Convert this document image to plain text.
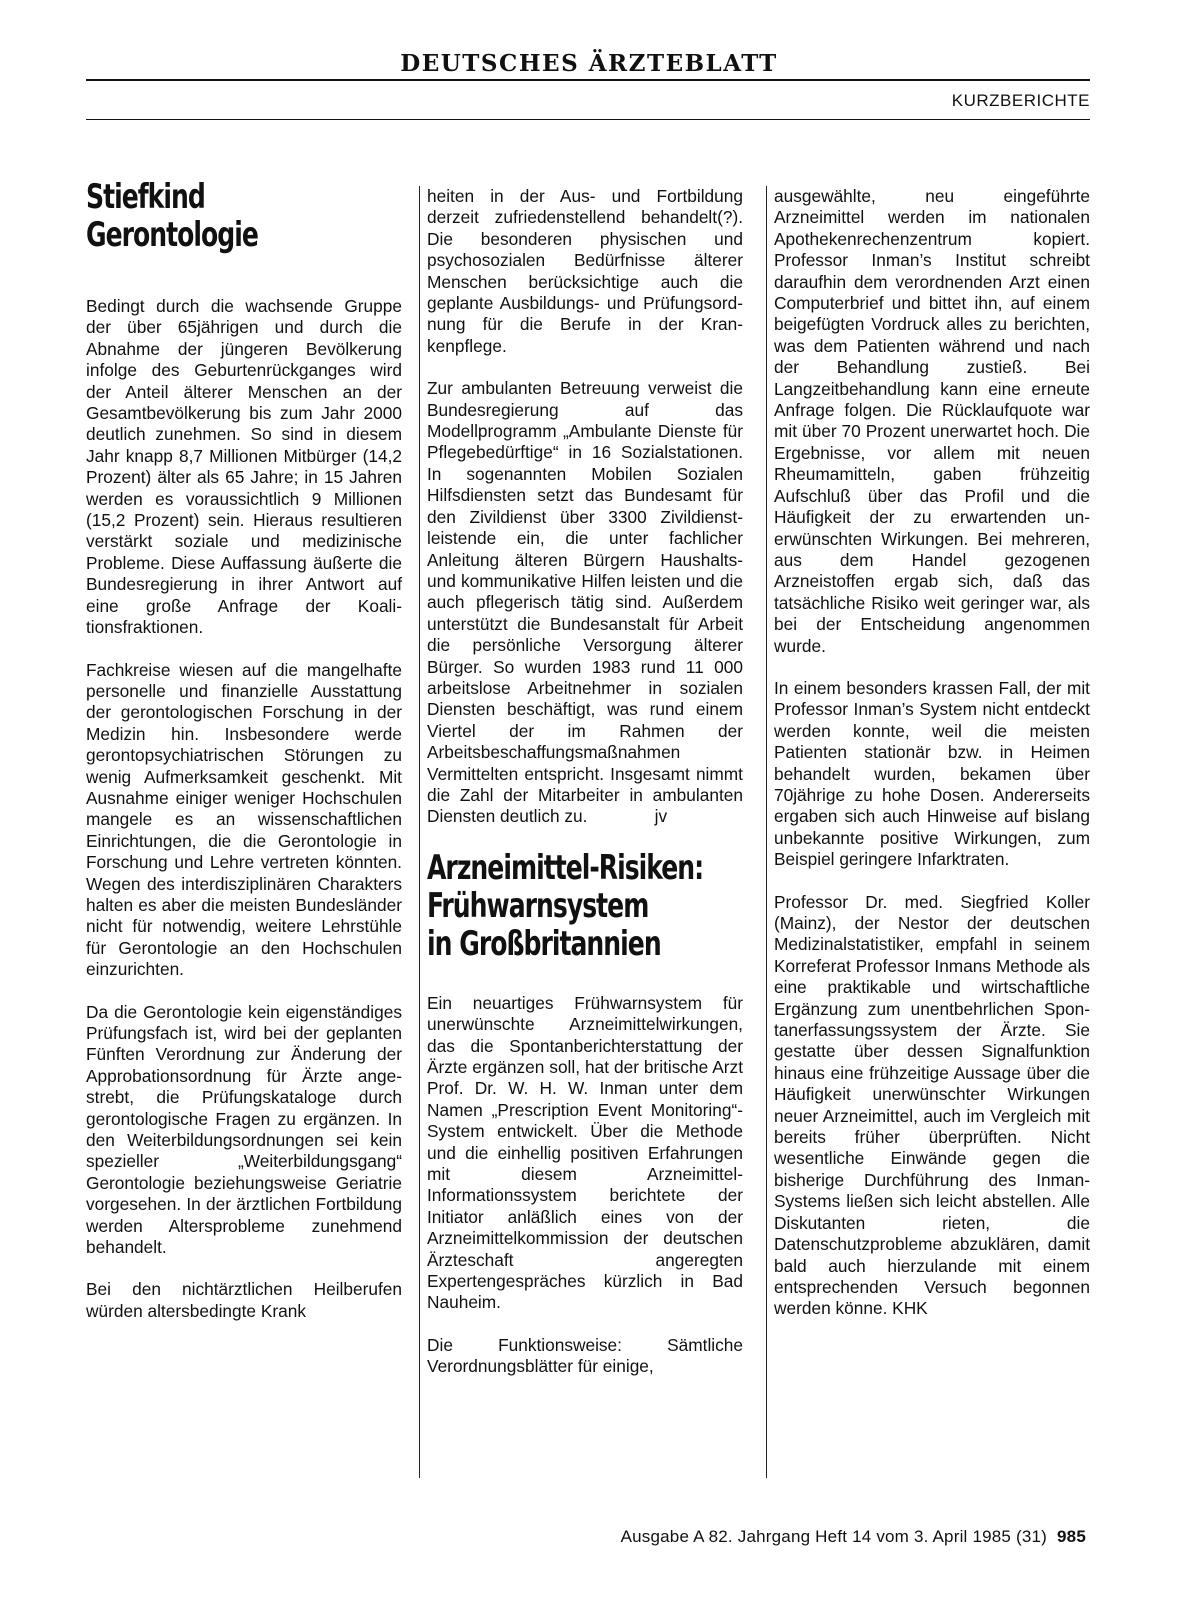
DEUTSCHES ÄRZTEBLATT
KURZBERICHTE
Stiefkind
Gerontologie

Bedingt durch die wachsende Gruppe der über 65jährigen und durch die Abnahme der jüngeren Bevölkerung infolge des Geburtenrückganges wird der Anteil älterer Menschen an der Gesamtbevölkerung bis zum Jahr 2000 deutlich zunehmen. So sind in diesem Jahr knapp 8,7 Millionen Mitbürger (14,2 Prozent) älter als 65 Jahre; in 15 Jahren werden es voraussichtlich 9 Millionen (15,2 Prozent) sein. Hieraus resultieren verstärkt soziale und medizinische Probleme. Diese Auffassung äußerte die Bundesregierung in ihrer Antwort auf eine große Anfrage der Koalitionsfraktionen.

Fachkreise wiesen auf die mangelhafte personelle und finanzielle Ausstattung der gerontologischen Forschung in der Medizin hin. Insbesondere werde gerontopsychiatrischen Störungen zu wenig Aufmerksamkeit geschenkt. Mit Ausnahme einiger weniger Hochschulen mangele es an wissenschaftlichen Einrichtungen, die die Gerontologie in Forschung und Lehre vertreten könnten. Wegen des interdisziplinären Charakters halten es aber die meisten Bundesländer nicht für notwendig, weitere Lehrstühle für Gerontologie an den Hochschulen einzurichten.

Da die Gerontologie kein eigenständiges Prüfungsfach ist, wird bei der geplanten Fünften Verordnung zur Änderung der Approbationsordnung für Ärzte angestrebt, die Prüfungskataloge durch gerontologische Fragen zu ergänzen. In den Weiterbildungsordnungen sei kein spezieller „Weiterbildungsgang“ Gerontologie beziehungsweise Geriatrie vorgesehen. In der ärztlichen Fortbildung werden Altersprobleme zunehmend behandelt.

Bei den nichtärztlichen Heilberufen würden altersbedingte Krank

heiten in der Aus- und Fortbildung derzeit zufriedenstellend behandelt(?). Die besonderen physischen und psychosozialen Bedürfnisse älterer Menschen berücksichtige auch die geplante Ausbildungs- und Prüfungsordnung für die Berufe in der Krankenpflege.

Zur ambulanten Betreuung verweist die Bundesregierung auf das Modellprogramm „Ambulante Dienste für Pflegebedürftige“ in 16 Sozialstationen. In sogenannten Mobilen Sozialen Hilfsdiensten setzt das Bundesamt für den Zivildienst über 3300 Zivildienstleistende ein, die unter fachlicher Anleitung älteren Bürgern Haushalts- und kommunikative Hilfen leisten und die auch pflegerisch tätig sind. Außerdem unterstützt die Bundesanstalt für Arbeit die persönliche Versorgung älterer Bürger. So wurden 1983 rund 11 000 arbeitslose Arbeitnehmer in sozialen Diensten beschäftigt, was rund einem Viertel der im Rahmen der Arbeitsbeschaffungsmaßnahmen Vermittelten entspricht. Insgesamt nimmt die Zahl der Mitarbeiter in ambulanten Diensten deutlich zu.              jv

Arzneimittel-Risiken:
Frühwarnsystem
in Großbritannien

Ein neuartiges Frühwarnsystem für unerwünschte Arzneimittelwirkungen, das die Spontanberichterstattung der Ärzte ergänzen soll, hat der britische Arzt Prof. Dr. W. H. W. Inman unter dem Namen „Prescription Event Monitoring“-System entwickelt. Über die Methode und die einhellig positiven Erfahrungen mit diesem Arzneimittel-Informationssystem berichtete der Initiator anläßlich eines von der Arzneimittelkommission der deutschen Ärzteschaft angeregten Expertengespräches kürzlich in Bad Nauheim.

Die Funktionsweise: Sämtliche Verordnungsblätter für einige,

ausgewählte, neu eingeführte Arzneimittel werden im nationalen Apothekenrechenzentrum kopiert. Professor Inman’s Institut schreibt daraufhin dem verordnenden Arzt einen Computerbrief und bittet ihn, auf einem beigefügten Vordruck alles zu berichten, was dem Patienten während und nach der Behandlung zustieß. Bei Langzeitbehandlung kann eine erneute Anfrage folgen. Die Rücklaufquote war mit über 70 Prozent unerwartet hoch. Die Ergebnisse, vor allem mit neuen Rheumamitteln, gaben frühzeitig Aufschluß über das Profil und die Häufigkeit der zu erwartenden unerwünschten Wirkungen. Bei mehreren, aus dem Handel gezogenen Arzneistoffen ergab sich, daß das tatsächliche Risiko weit geringer war, als bei der Entscheidung angenommen wurde.

In einem besonders krassen Fall, der mit Professor Inman’s System nicht entdeckt werden konnte, weil die meisten Patienten stationär bzw. in Heimen behandelt wurden, bekamen über 70jährige zu hohe Dosen. Andererseits ergaben sich auch Hinweise auf bislang unbekannte positive Wirkungen, zum Beispiel geringere Infarktraten.

Professor Dr. med. Siegfried Koller (Mainz), der Nestor der deutschen Medizinalstatistiker, empfahl in seinem Korreferat Professor Inmans Methode als eine praktikable und wirtschaftliche Ergänzung zum unentbehrlichen Spontanerfassungssystem der Ärzte. Sie gestatte über dessen Signalfunktion hinaus eine frühzeitige Aussage über die Häufigkeit unerwünschter Wirkungen neuer Arzneimittel, auch im Vergleich mit bereits früher überprüften. Nicht wesentliche Einwände gegen die bisherige Durchführung des Inman-Systems ließen sich leicht abstellen. Alle Diskutanten rieten, die Datenschutzprobleme abzuklären, damit bald auch hierzulande mit einem entsprechenden Versuch begonnen werden könne. KHK

Ausgabe A 82. Jahrgang Heft 14 vom 3. April 1985 (31) 985
